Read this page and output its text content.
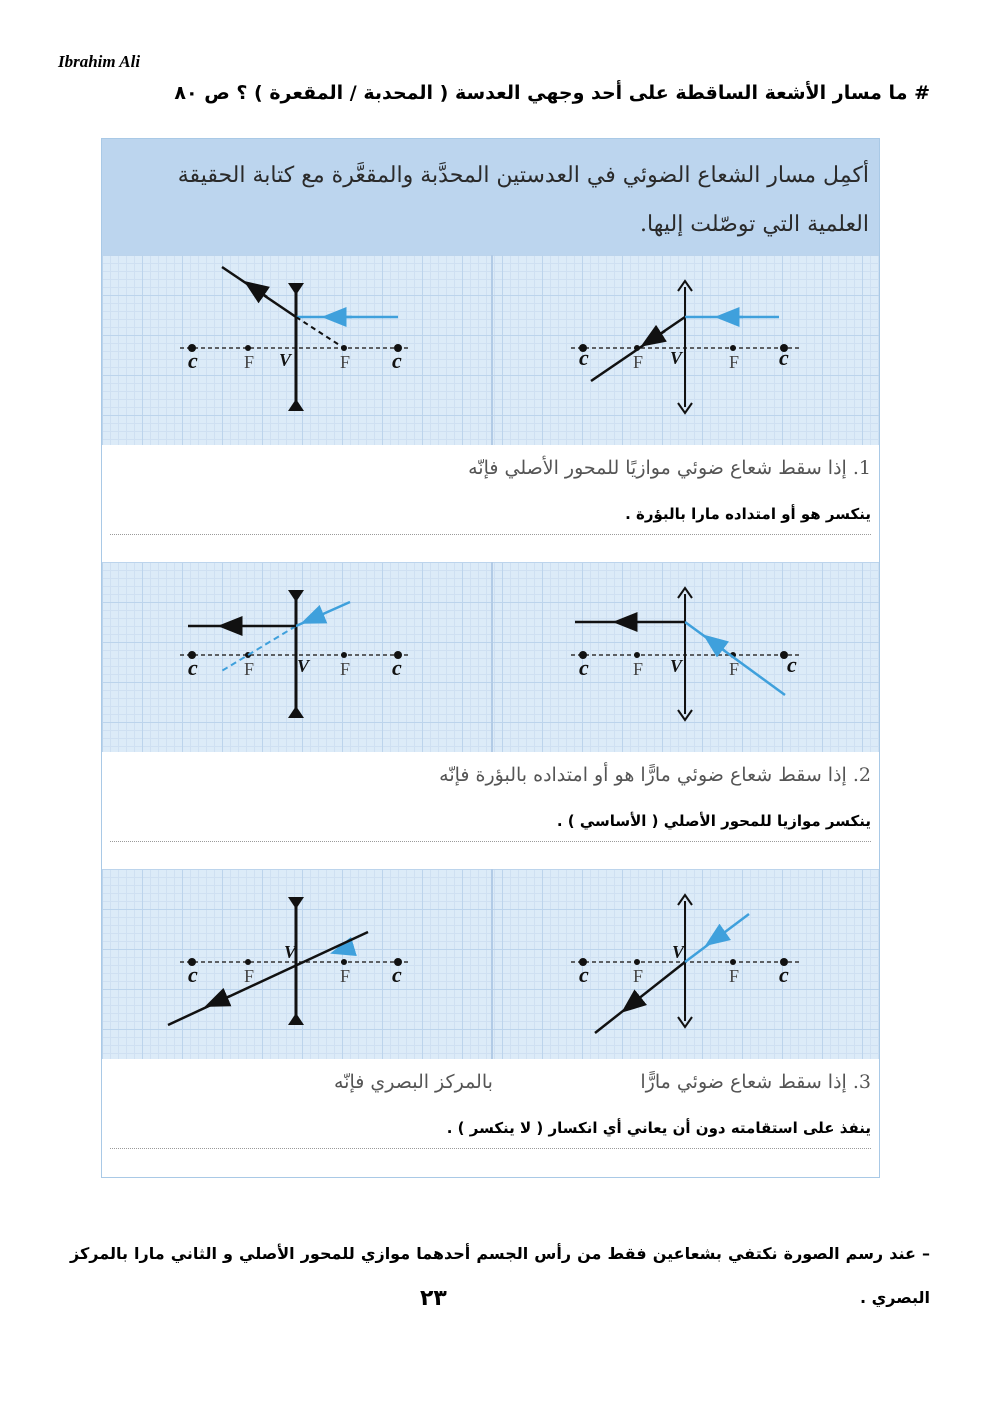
Ibrahim Ali
# ما مسار الأشعة الساقطة على أحد وجهي العدسة ( المحدبة / المقعرة ) ؟ ص ٨٠
أكمِل مسار الشعاع الضوئي في العدستين المحدَّبة والمقعَّرة مع كتابة الحقيقة العلمية التي توصّلت إليها.
c	F V	F c	c F V	F c
1. إذا سقط شعاع ضوئي موازيًا للمحور الأصلي فإنّه
ينكسر هو أو امتداده مارا بالبؤرة .
c	F V F c	c F V	F c
2. إذا سقط شعاع ضوئي مارًّا هو أو امتداده بالبؤرة فإنّه
ينكسر موازيا للمحور الأصلي ( الأساسي ) .
c	F
V
F c	c F
V
F c
3. إذا سقط شعاع ضوئي مارًّا
بالمركز البصري فإنّه
ينفذ على استقامته دون أن يعاني أي انكسار ( لا ينكسر ) .
– عند رسم الصورة نكتفي بشعاعين فقط من رأس الجسم أحدهما موازي للمحور الأصلي و الثاني مارا بالمركز البصري .
٢٣
